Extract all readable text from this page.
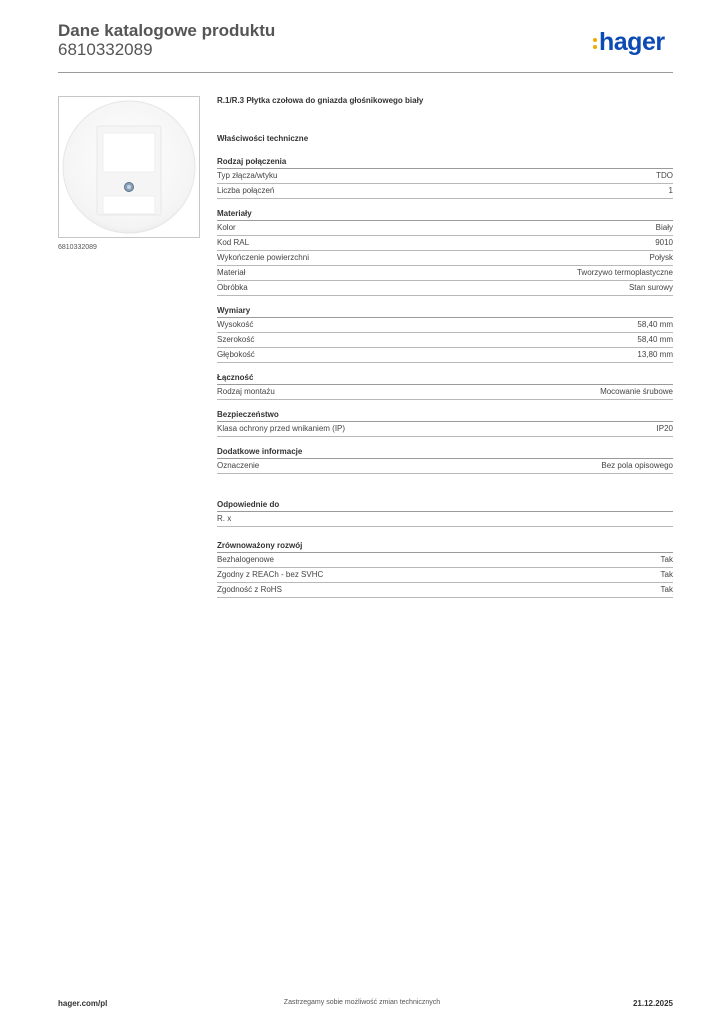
Dane katalogowe produktu
6810332089	hager
6810332089
R.1/R.3 Płytka czołowa do gniazda głośnikowego biały
Właściwości techniczne
Rodzaj połączenia
Typ złącza/wtyku	TDO
Liczba połączeń	1
Materiały
Kolor	Biały
Kod RAL	9010
Wykończenie powierzchni	Połysk
Materiał	Tworzywo termoplastyczne
Obróbka	Stan surowy
Wymiary
Wysokość	58,40 mm
Szerokość	58,40 mm
Głębokość	13,80 mm
Łączność
Rodzaj montażu	Mocowanie śrubowe
Bezpieczeństwo
Klasa ochrony przed wnikaniem (IP)	IP20
Dodatkowe informacje
Oznaczenie	Bez pola opisowego
Odpowiednie do
R. x
Zrównoważony rozwój
Bezhalogenowe	Tak
Zgodny z REACh - bez SVHC	Tak
Zgodność z RoHS	Tak
hager.com/pl	Zastrzegamy sobie możliwość zmian technicznych	21.12.2025
